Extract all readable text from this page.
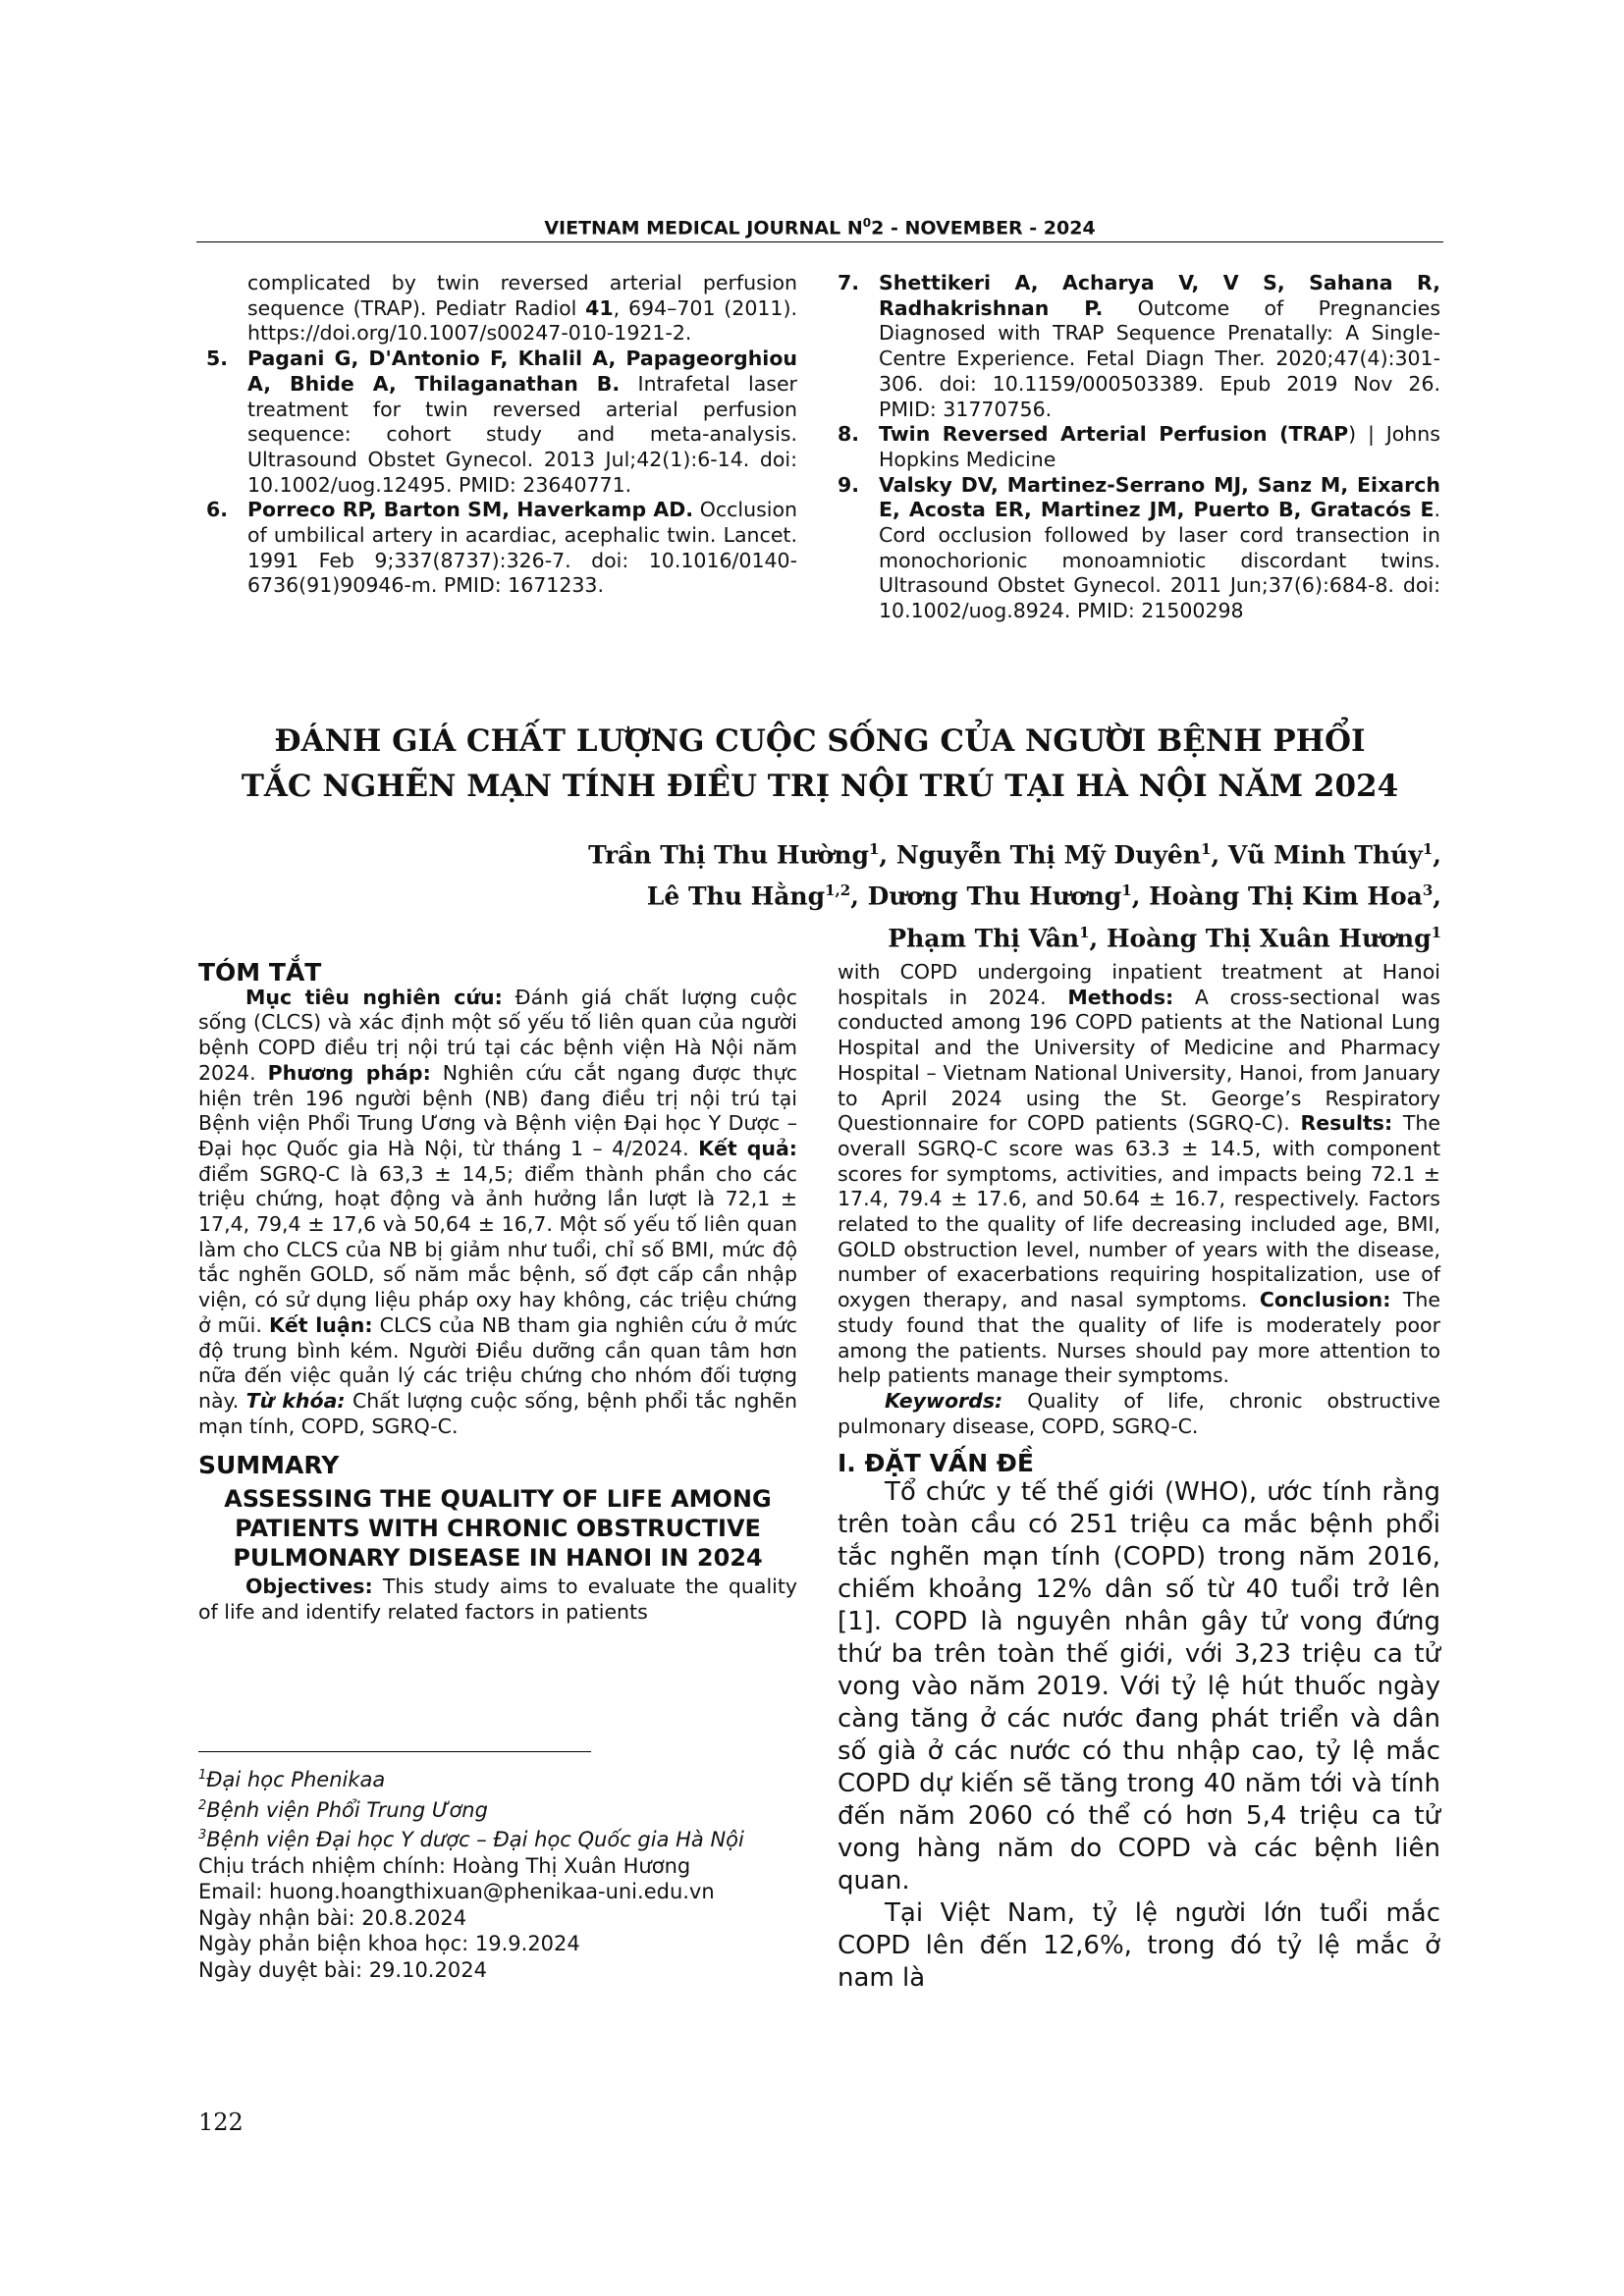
VIETNAM MEDICAL JOURNAL $N^02$ - NOVEMBER - 2024

complicated by twin reversed arterial perfusion sequence (TRAP). Pediatr Radiol 41, 694–701 (2011). https://doi.org/10.1007/s00247-010-1921-2.

5. Pagani G, D'Antonio F, Khalil A, Papageorghiou A, Bhide A, Thilaganathan B. Intrafetal laser treatment for twin reversed arterial perfusion sequence: cohort study and meta-analysis. Ultrasound Obstet Gynecol. 2013 Jul;42(1):6-14. doi: 10.1002/uog.12495. PMID: 23640771.

6. Porreco RP, Barton SM, Haverkamp AD. Occlusion of umbilical artery in acardiac, acephalic twin. Lancet. 1991 Feb 9;337(8737):326-7. doi: 10.1016/0140-6736(91)90946-m. PMID: 1671233.

7. Shettikeri A, Acharya V, V S, Sahana R, Radhakrishnan P. Outcome of Pregnancies Diagnosed with TRAP Sequence Prenatally: A Single-Centre Experience. Fetal Diagn Ther. 2020;47(4):301-306. doi: 10.1159/000503389. Epub 2019 Nov 26. PMID: 31770756.

8. Twin Reversed Arterial Perfusion (TRAP) | Johns Hopkins Medicine

9. Valsky DV, Martinez-Serrano MJ, Sanz M, Eixarch E, Acosta ER, Martinez JM, Puerto B, Gratacós E. Cord occlusion followed by laser cord transection in monochorionic monoamniotic discordant twins. Ultrasound Obstet Gynecol. 2011 Jun;37(6):684-8. doi: 10.1002/uog.8924. PMID: 21500298

ĐÁNH GIÁ CHẤT LƯỢNG CUỘC SỐNG CỦA NGƯỜI BỆNH PHỔI
TẮC NGHẼN MẠN TÍNH ĐIỀU TRỊ NỘI TRÚ TẠI HÀ NỘI NĂM 2024
Trần Thị Thu Hường$^1$, Nguyễn Thị Mỹ Duyên$^1$, Vũ Minh Thúy$^1$,
Lê Thu Hằng$^{1,2}$, Dương Thu Hương$^1$, Hoàng Thị Kim Hoa$^3$,
Phạm Thị Vân$^1$, Hoàng Thị Xuân Hương$^1$
TÓM TẮT

Mục tiêu nghiên cứu: Đánh giá chất lượng cuộc sống (CLCS) và xác định một số yếu tố liên quan của người bệnh COPD điều trị nội trú tại các bệnh viện Hà Nội năm 2024. Phương pháp: Nghiên cứu cắt ngang được thực hiện trên 196 người bệnh (NB) đang điều trị nội trú tại Bệnh viện Phổi Trung Ương và Bệnh viện Đại học Y Dược – Đại học Quốc gia Hà Nội, từ tháng 1 – 4/2024. Kết quả: điểm SGRQ-C là 63,3 ± 14,5; điểm thành phần cho các triệu chứng, hoạt động và ảnh hưởng lần lượt là 72,1 ± 17,4, 79,4 ± 17,6 và 50,64 ± 16,7. Một số yếu tố liên quan làm cho CLCS của NB bị giảm như tuổi, chỉ số BMI, mức độ tắc nghẽn GOLD, số năm mắc bệnh, số đợt cấp cần nhập viện, có sử dụng liệu pháp oxy hay không, các triệu chứng ở mũi. Kết luận: CLCS của NB tham gia nghiên cứu ở mức độ trung bình kém. Người Điều dưỡng cần quan tâm hơn nữa đến việc quản lý các triệu chứng cho nhóm đối tượng này. Từ khóa: Chất lượng cuộc sống, bệnh phổi tắc nghẽn mạn tính, COPD, SGRQ-C.

SUMMARY
ASSESSING THE QUALITY OF LIFE AMONG PATIENTS WITH CHRONIC OBSTRUCTIVE PULMONARY DISEASE IN HANOI IN 2024

Objectives: This study aims to evaluate the quality of life and identify related factors in patients

with COPD undergoing inpatient treatment at Hanoi hospitals in 2024. Methods: A cross-sectional was conducted among 196 COPD patients at the National Lung Hospital and the University of Medicine and Pharmacy Hospital – Vietnam National University, Hanoi, from January to April 2024 using the St. George’s Respiratory Questionnaire for COPD patients (SGRQ-C). Results: The overall SGRQ-C score was 63.3 ± 14.5, with component scores for symptoms, activities, and impacts being 72.1 ± 17.4, 79.4 ± 17.6, and 50.64 ± 16.7, respectively. Factors related to the quality of life decreasing included age, BMI, GOLD obstruction level, number of years with the disease, number of exacerbations requiring hospitalization, use of oxygen therapy, and nasal symptoms. Conclusion: The study found that the quality of life is moderately poor among the patients. Nurses should pay more attention to help patients manage their symptoms.

Keywords: Quality of life, chronic obstructive pulmonary disease, COPD, SGRQ-C.

I. ĐẶT VẤN ĐỀ

Tổ chức y tế thế giới (WHO), ước tính rằng trên toàn cầu có 251 triệu ca mắc bệnh phổi tắc nghẽn mạn tính (COPD) trong năm 2016, chiếm khoảng 12% dân số từ 40 tuổi trở lên [1]. COPD là nguyên nhân gây tử vong đứng thứ ba trên toàn thế giới, với 3,23 triệu ca tử vong vào năm 2019. Với tỷ lệ hút thuốc ngày càng tăng ở các nước đang phát triển và dân số già ở các nước có thu nhập cao, tỷ lệ mắc COPD dự kiến sẽ tăng trong 40 năm tới và tính đến năm 2060 có thể có hơn 5,4 triệu ca tử vong hàng năm do COPD và các bệnh liên quan.

Tại Việt Nam, tỷ lệ người lớn tuổi mắc COPD lên đến 12,6%, trong đó tỷ lệ mắc ở nam là

$^1$Đại học Phenikaa
$^2$Bệnh viện Phổi Trung Ương
$^3$Bệnh viện Đại học Y dược – Đại học Quốc gia Hà Nội
Chịu trách nhiệm chính: Hoàng Thị Xuân Hương
Email: huong.hoangthixuan@phenikaa-uni.edu.vn
Ngày nhận bài: 20.8.2024
Ngày phản biện khoa học: 19.9.2024
Ngày duyệt bài: 29.10.2024
122
